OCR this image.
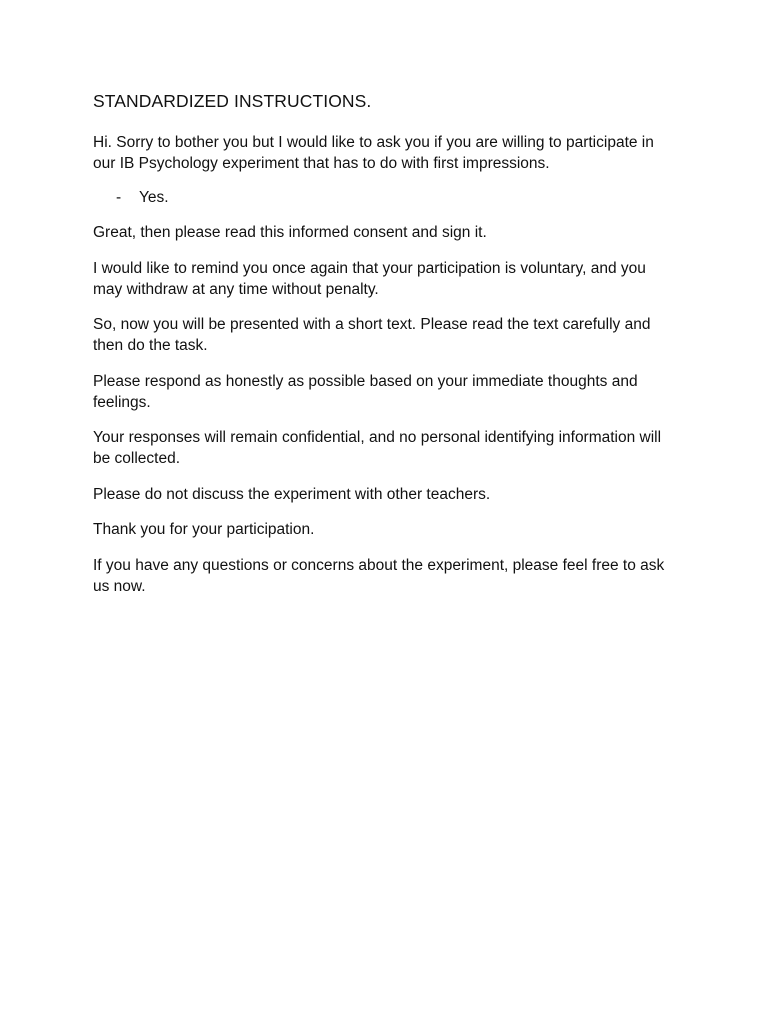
STANDARDIZED INSTRUCTIONS.

Hi. Sorry to bother you but I would like to ask you if you are willing to participate in our IB Psychology experiment that has to do with first impressions.

-	Yes.

Great, then please read this informed consent and sign it.

I would like to remind you once again that your participation is voluntary, and you may withdraw at any time without penalty.

So, now you will be presented with a short text. Please read the text carefully and then do the task.

Please respond as honestly as possible based on your immediate thoughts and feelings.

Your responses will remain confidential, and no personal identifying information will be collected.

Please do not discuss the experiment with other teachers.

Thank you for your participation.

If you have any questions or concerns about the experiment, please feel free to ask us now.
